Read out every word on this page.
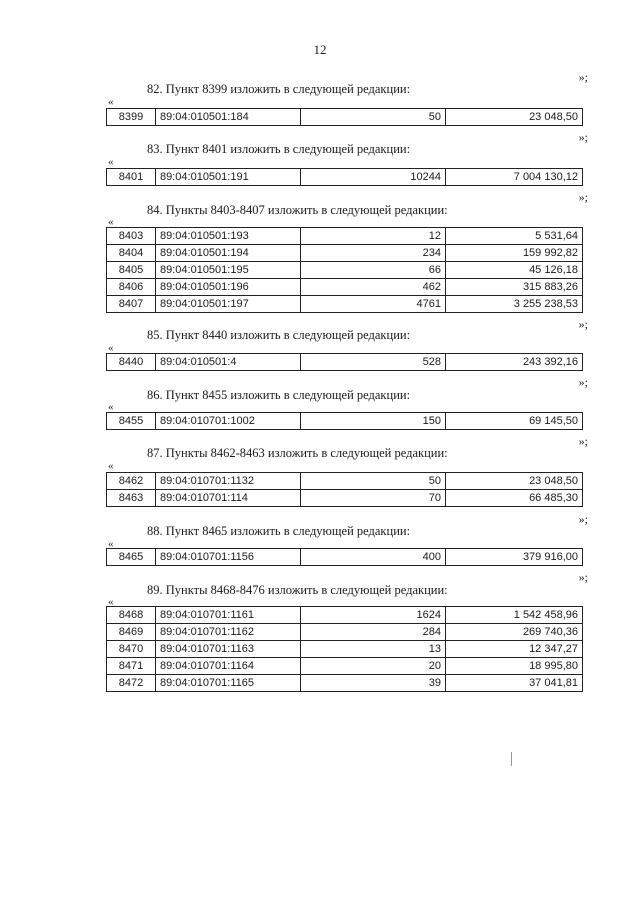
12
»;
82. Пункт 8399 изложить в следующей редакции:
«
8399	89:04:010501:184	50	23 048,50
»;
83. Пункт 8401 изложить в следующей редакции:
«
8401	89:04:010501:191	10244	7 004 130,12
»;
84. Пункты 8403-8407 изложить в следующей редакции:
«
8403	89:04:010501:193	12	5 531,64
8404	89:04:010501:194	234	159 992,82
8405	89:04:010501:195	66	45 126,18
8406	89:04:010501:196	462	315 883,26
8407	89:04:010501:197	4761	3 255 238,53
»;
85. Пункт 8440 изложить в следующей редакции:
«
8440	89:04:010501:4	528	243 392,16
»;
86. Пункт 8455 изложить в следующей редакции:
«
8455	89:04:010701:1002	150	69 145,50
»;
87. Пункты 8462-8463 изложить в следующей редакции:
«
8462	89:04:010701:1132	50	23 048,50
8463	89:04:010701:114	70	66 485,30
»;
88. Пункт 8465 изложить в следующей редакции:
«
8465	89:04:010701:1156	400	379 916,00
»;
89. Пункты 8468-8476 изложить в следующей редакции:
«
8468	89:04:010701:1161	1624	1 542 458,96
8469	89:04:010701:1162	284	269 740,36
8470	89:04:010701:1163	13	12 347,27
8471	89:04:010701:1164	20	18 995,80
8472	89:04:010701:1165	39	37 041,81
